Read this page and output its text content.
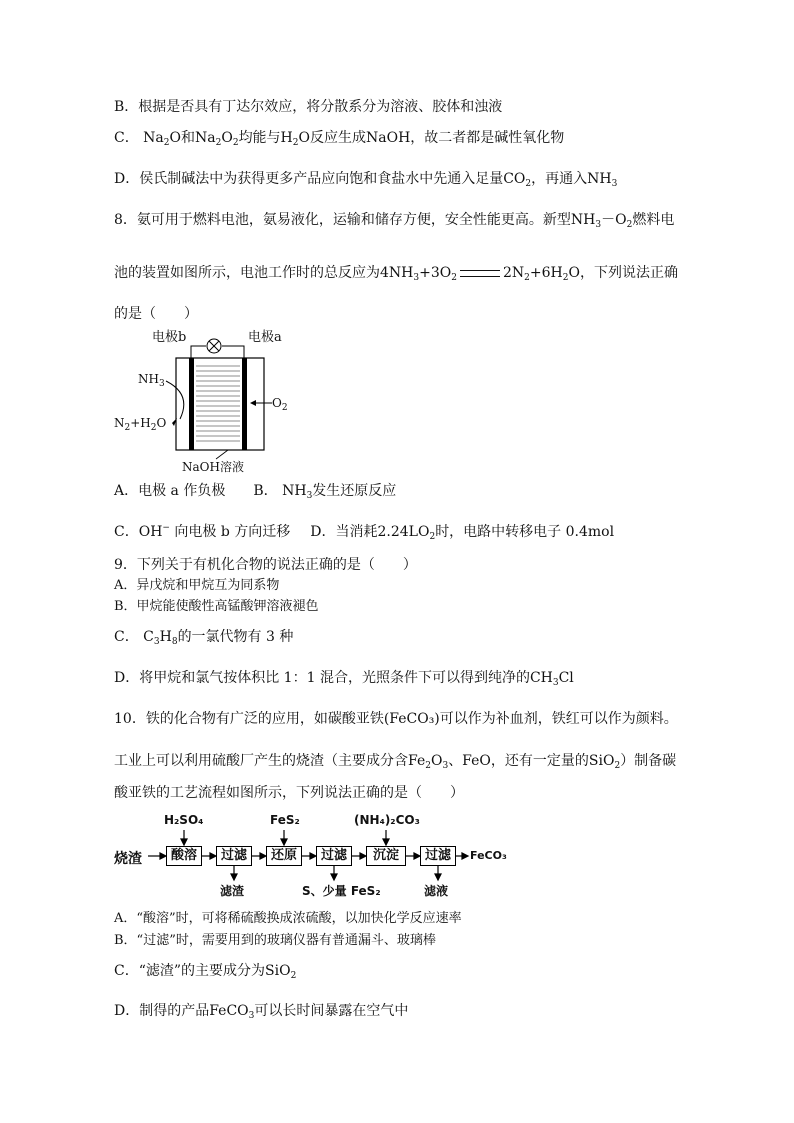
B．根据是否具有丁达尔效应，将分散系分为溶液、胶体和浊液
C． $Na_2O$和$Na_2O_2$均能与$H_2O$反应生成NaOH，故二者都是碱性氧化物
D．侯氏制碱法中为获得更多产品应向饱和食盐水中先通入足量$CO_2$，再通入$NH_3$
8．氨可用于燃料电池，氨易液化，运输和储存方便，安全性能更高。新型$NH_3-O_2$燃料电
池的装置如图所示，电池工作时的总反应为$4NH_3+3O_2$	$2N_2+6H_2O$，下列说法正确
的是（　　）
电极b	电极a
$NH_3$
$O_2$
$N_2+H_2O$
NaOH溶液
A．电极 a 作负极 B． $NH_3$发生还原反应
C．OH− 向电极 b 方向迁移 D．当消耗$2.24LO_2$时，电路中转移电子 0.4mol
9．下列关于有机化合物的说法正确的是（　　）
A．异戊烷和甲烷互为同系物
B．甲烷能使酸性高锰酸钾溶液褪色
C． $C_3H_8$的一氯代物有 3 种
D．将甲烷和氯气按体积比 1：1 混合，光照条件下可以得到纯净的$CH_3Cl$
10．铁的化合物有广泛的应用，如碳酸亚铁(FeCO₃)可以作为补血剂，铁红可以作为颜料。
工业上可以利用硫酸厂产生的烧渣（主要成分含$Fe_2O_3$、FeO，还有一定量的SiO$_2$）制备碳
酸亚铁的工艺流程如图所示，下列说法正确的是（　　）
烧渣	酸溶	过滤	还原	过滤	沉淀	过滤	FeCO₃
H₂SO₄	FeS₂	(NH₄)₂CO₃
滤渣	S、少量 FeS₂	滤液
A．“酸溶”时，可将稀硫酸换成浓硫酸，以加快化学反应速率
B．“过滤”时，需要用到的玻璃仪器有普通漏斗、玻璃棒
C．“滤渣”的主要成分为SiO$_2$
D．制得的产品FeCO$_3$可以长时间暴露在空气中
